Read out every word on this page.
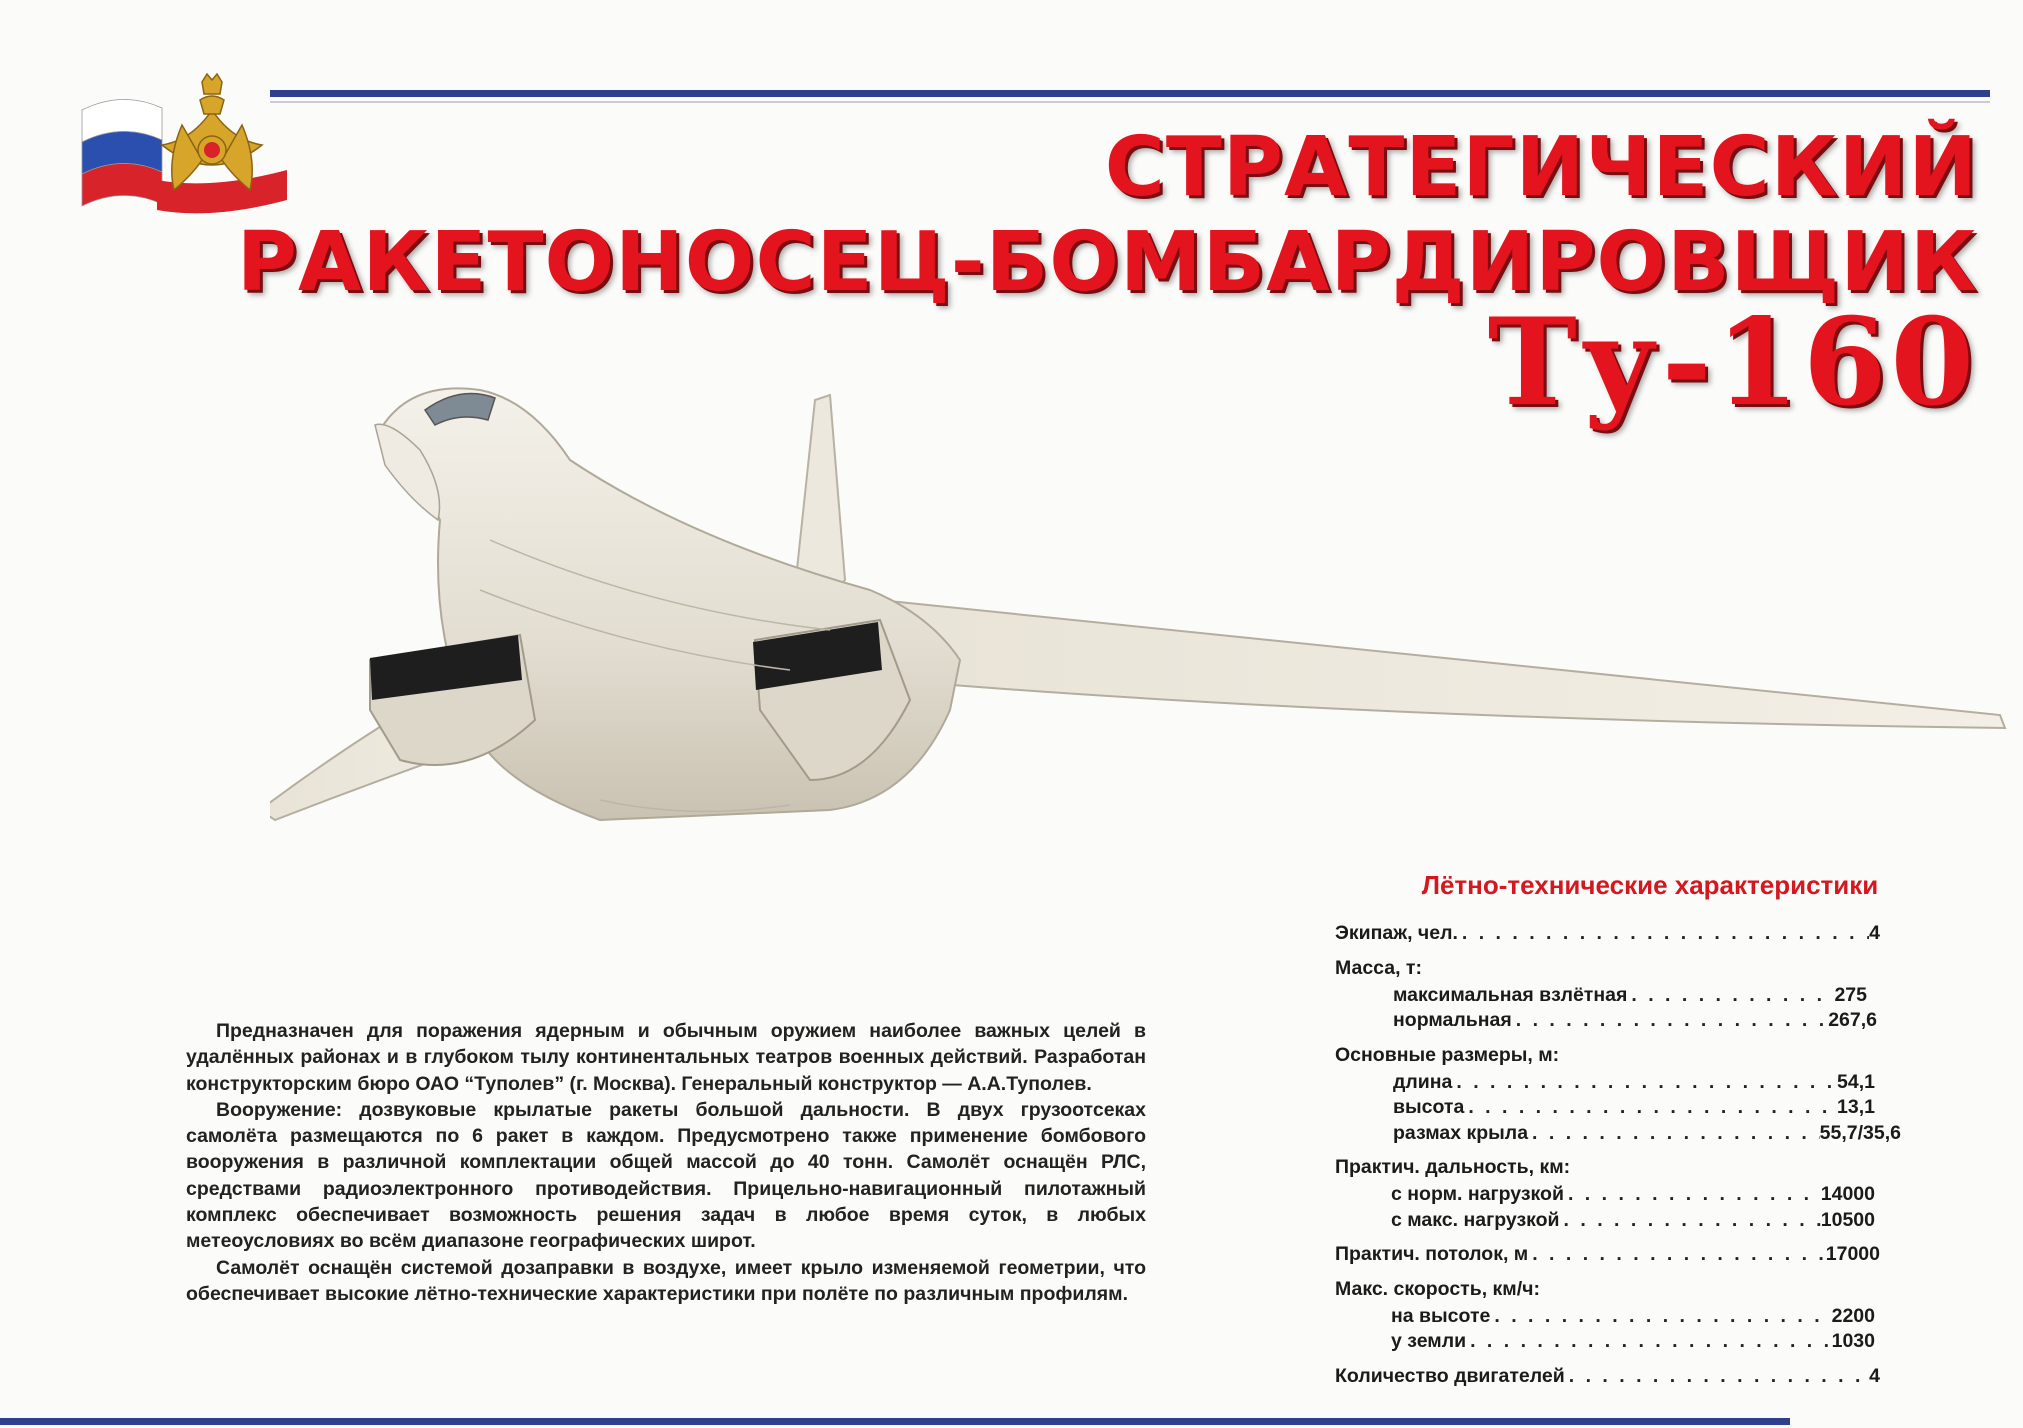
СТРАТЕГИЧЕСКИЙ
РАКЕТОНОСЕЦ-БОМБАРДИРОВЩИК
Ту-160

Предназначен для поражения ядерным и обычным оружием наиболее важных целей в удалённых районах и в глубоком тылу континентальных театров военных действий. Разработан конструкторским бюро ОАО “Туполев” (г. Москва). Генеральный конструктор — А.А.Туполев.

Вооружение: дозвуковые крылатые ракеты большой дальности. В двух грузоотсеках самолёта размещаются по 6 ракет в каждом. Предусмотрено также применение бомбового вооружения в различной комплектации общей массой до 40 тонн. Самолёт оснащён РЛС, средствами радиоэлектронного противодействия. Прицельно-навигационный пилотажный комплекс обеспечивает возможность решения задач в любое время суток, в любых метеоусловиях во всём диапазоне географических широт.

Самолёт оснащён системой дозаправки в воздухе, имеет крыло изменяемой геометрии, что обеспечивает высокие лётно-технические характеристики при полёте по различным профилям.

Лётно-технические характеристики
Экипаж, чел. . . .	4
Масса, т:
максимальная взлётная . . .	275
нормальная . . .	267,6
Основные размеры, м:
длина . . .	54,1
высота . . .	13,1
размах крыла . . .	55,7/35,6
Практич. дальность, км:
с норм. нагрузкой . . .	14000
с макс. нагрузкой . . .	10500
Практич. потолок, м . . .	17000
Макс. скорость, км/ч:
на высоте . . .	2200
у земли . . .	1030
Количество двигателей . . .	4
